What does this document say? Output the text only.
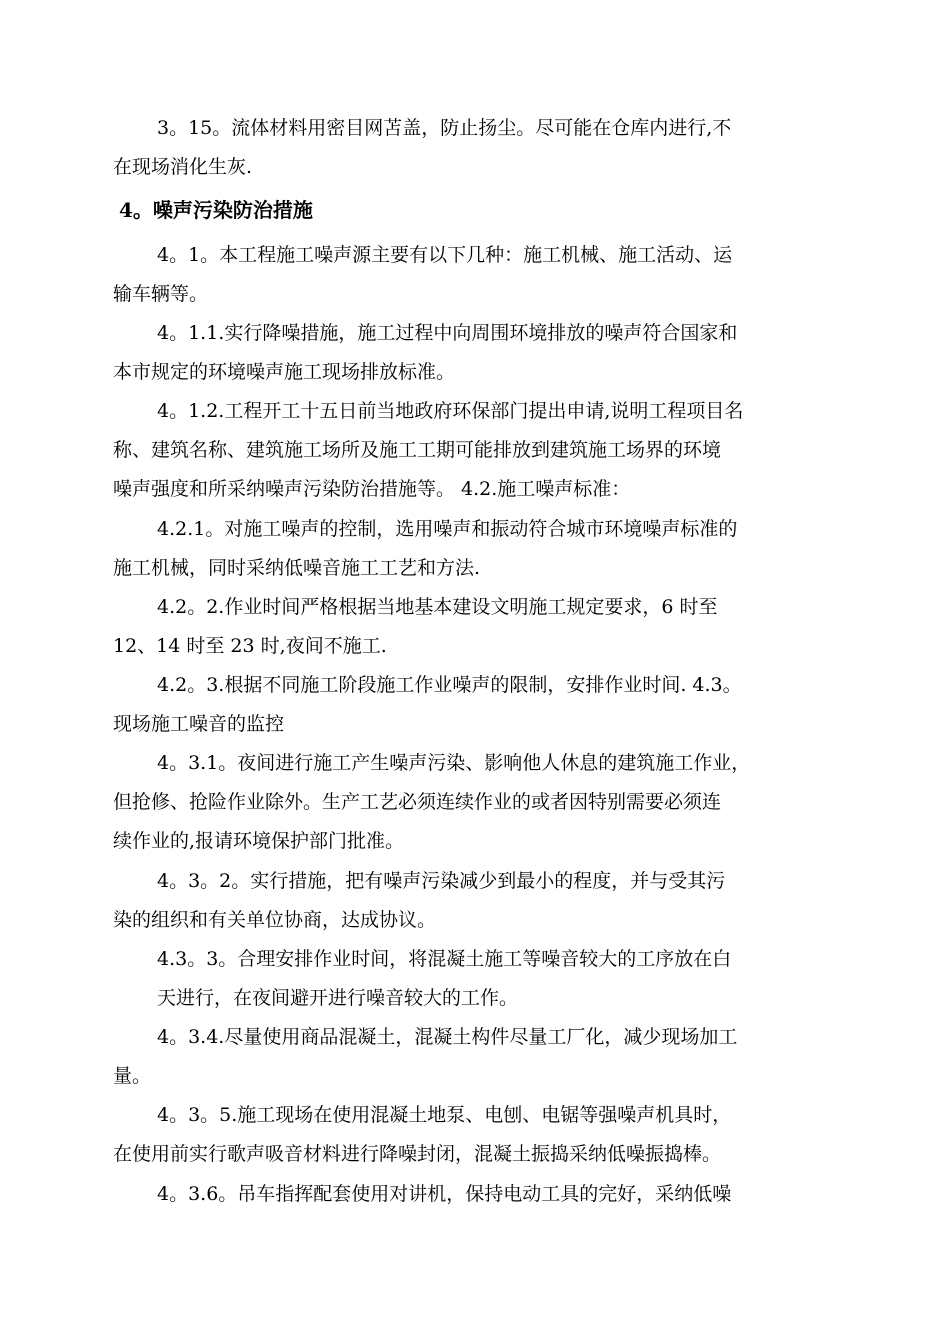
3。15。流体材料用密目网苫盖，防止扬尘。尽可能在仓库内进行,不
在现场消化生灰.
4。噪声污染防治措施
4。1。本工程施工噪声源主要有以下几种：施工机械、施工活动、运
输车辆等。
4。1.1.实行降噪措施，施工过程中向周围环境排放的噪声符合国家和
本市规定的环境噪声施工现场排放标准。
4。1.2.工程开工十五日前当地政府环保部门提出申请,说明工程项目名
称、建筑名称、建筑施工场所及施工工期可能排放到建筑施工场界的环境
噪声强度和所采纳噪声污染防治措施等。 4.2.施工噪声标准：
4.2.1。对施工噪声的控制，选用噪声和振动符合城市环境噪声标准的
施工机械，同时采纳低噪音施工工艺和方法.
4.2。2.作业时间严格根据当地基本建设文明施工规定要求，6 时至
12、14 时至 23 时,夜间不施工.
4.2。3.根据不同施工阶段施工作业噪声的限制，安排作业时间. 4.3。
现场施工噪音的监控
4。3.1。夜间进行施工产生噪声污染、影响他人休息的建筑施工作业，
但抢修、抢险作业除外。生产工艺必须连续作业的或者因特别需要必须连
续作业的,报请环境保护部门批准。
4。3。2。实行措施，把有噪声污染减少到最小的程度，并与受其污
染的组织和有关单位协商，达成协议。
4.3。3。合理安排作业时间，将混凝土施工等噪音较大的工序放在白
天进行，在夜间避开进行噪音较大的工作。
4。3.4.尽量使用商品混凝土，混凝土构件尽量工厂化，减少现场加工
量。
4。3。5.施工现场在使用混凝土地泵、电刨、电锯等强噪声机具时，
在使用前实行歌声吸音材料进行降噪封闭，混凝土振捣采纳低噪振捣棒。
4。3.6。吊车指挥配套使用对讲机，保持电动工具的完好，采纳低噪
